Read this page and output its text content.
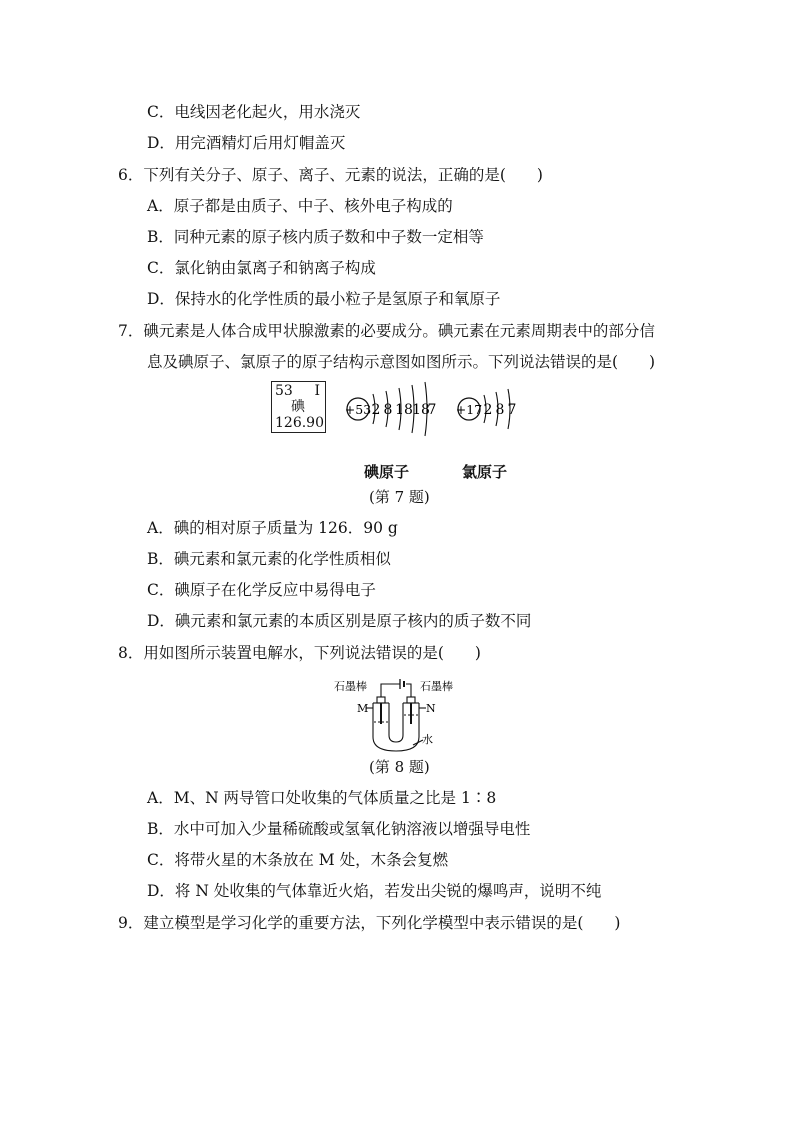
C．电线因老化起火，用水浇灭
D．用完酒精灯后用灯帽盖灭
6．下列有关分子、原子、离子、元素的说法，正确的是(　　)
A．原子都是由质子、中子、核外电子构成的
B．同种元素的原子核内质子数和中子数一定相等
C．氯化钠由氯离子和钠离子构成
D．保持水的化学性质的最小粒子是氢原子和氧原子
7．碘元素是人体合成甲状腺激素的必要成分。碘元素在元素周期表中的部分信
息及碘原子、氯原子的原子结构示意图如图所示。下列说法错误的是(　　)
53 I
碘
126.90
+53 2 8 18 18
7 +17 2 8 7
石墨棒	石墨棒
M	N
水
碘原子	氯原子
(第 7 题)
A．碘的相对原子质量为 126．90 g
B．碘元素和氯元素的化学性质相似
C．碘原子在化学反应中易得电子
D．碘元素和氯元素的本质区别是原子核内的质子数不同
8．用如图所示装置电解水，下列说法错误的是(　　)
(第 8 题)
A．M、N 两导管口处收集的气体质量之比是 1∶8
B．水中可加入少量稀硫酸或氢氧化钠溶液以增强导电性
C．将带火星的木条放在 M 处，木条会复燃
D．将 N 处收集的气体靠近火焰，若发出尖锐的爆鸣声，说明不纯
9．建立模型是学习化学的重要方法，下列化学模型中表示错误的是(　　)
